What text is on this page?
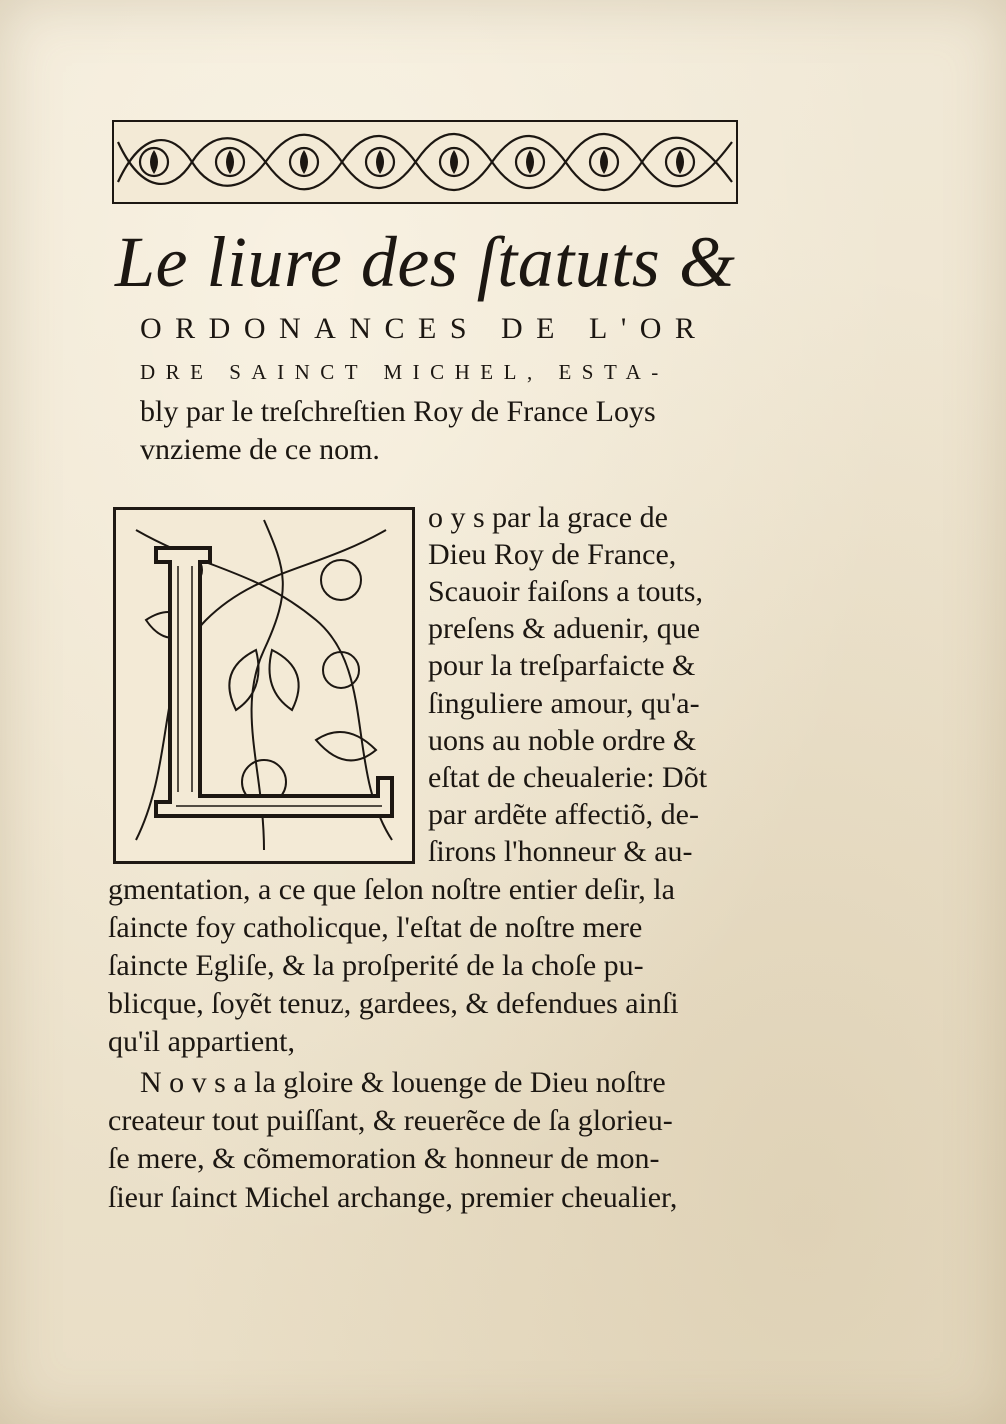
Le liure des ſtatuts &
ORDONANCES DE L'OR
DRE SAINCT MICHEL, ESTA-
bly par le treſchreſtien Roy de France Loys
vnzieme de ce nom.
o y s par la grace de
Dieu Roy de France,
Scauoir faiſons a touts,
preſens & aduenir, que
pour la treſparfaicte &
ſinguliere amour, qu'a-
uons au noble ordre &
eſtat de cheualerie: Dõt
par ardẽte affectiõ, de-
ſirons l'honneur & au-
gmentation, a ce que ſelon noſtre entier deſir, la
ſaincte foy catholicque, l'eſtat de noſtre mere
ſaincte Egliſe, & la proſperité de la choſe pu-
blicque, ſoyẽt tenuz, gardees, & defendues ainſi
qu'il appartient,
N o v s a la gloire & louenge de Dieu noſtre
createur tout puiſſant, & reuerẽce de ſa glorieu-
ſe mere, & cõmemoration & honneur de mon-
ſieur ſainct Michel archange, premier cheualier,
